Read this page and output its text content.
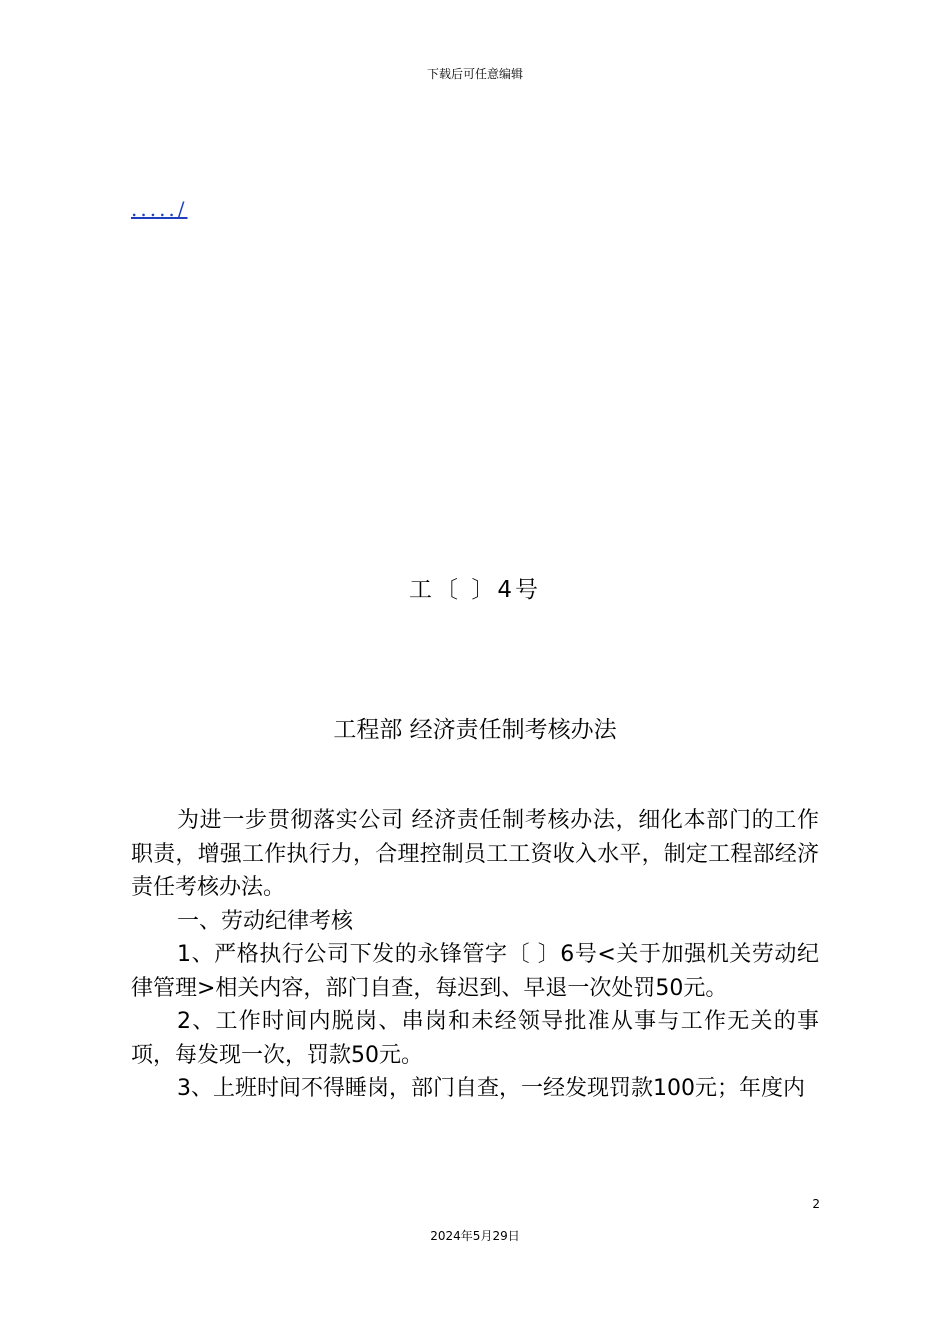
下载后可任意编辑
...../
工〔 〕4号
工程部 经济责任制考核办法

为进一步贯彻落实公司 经济责任制考核办法，细化本部门的工作职责，增强工作执行力，合理控制员工工资收入水平，制定工程部经济责任考核办法。

一、劳动纪律考核

1、严格执行公司下发的永锋管字〔 〕6号<关于加强机关劳动纪律管理>相关内容，部门自查，每迟到、早退一次处罚50元。

2、工作时间内脱岗、串岗和未经领导批准从事与工作无关的事项，每发现一次，罚款50元。

3、上班时间不得睡岗，部门自查，一经发现罚款100元；年度内

2
2024年5月29日
